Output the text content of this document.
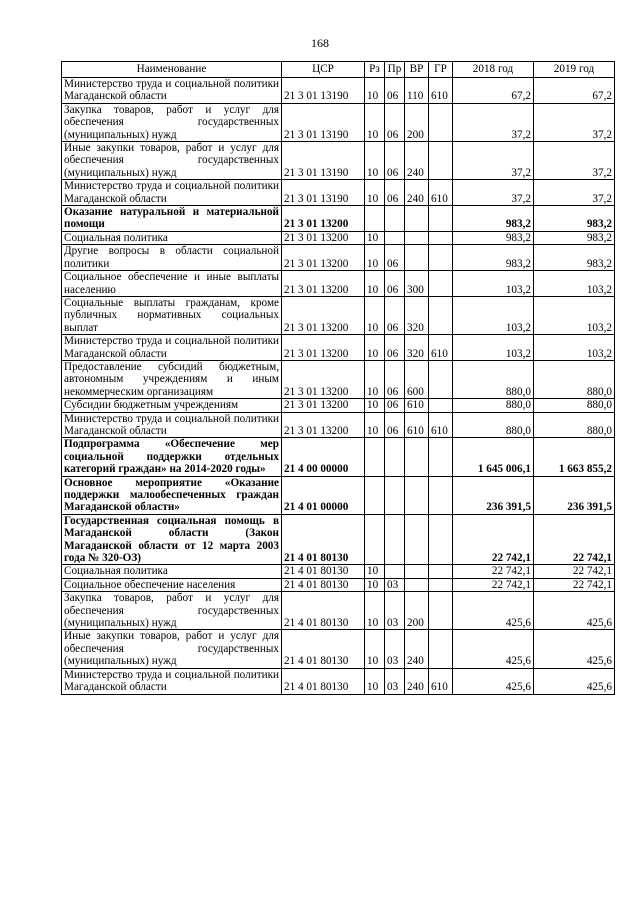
168
Наименование	ЦСР	Рз	Пр	ВР	ГР	2018 год	2019 год
Министерство труда и социальной политики Магаданской области	21 3 01 13190	10	06	110	610	67,2	67,2
Закупка товаров, работ и услуг для обеспечения государственных (муниципальных) нужд	21 3 01 13190	10	06	200		37,2	37,2
Иные закупки товаров, работ и услуг для обеспечения государственных (муниципальных) нужд	21 3 01 13190	10	06	240		37,2	37,2
Министерство труда и социальной политики Магаданской области	21 3 01 13190	10	06	240	610	37,2	37,2
Оказание натуральной и материальной помощи	21 3 01 13200					983,2	983,2
Социальная политика	21 3 01 13200	10				983,2	983,2
Другие вопросы в области социальной политики	21 3 01 13200	10	06			983,2	983,2
Социальное обеспечение и иные выплаты населению	21 3 01 13200	10	06	300		103,2	103,2
Социальные выплаты гражданам, кроме публичных нормативных социальных выплат	21 3 01 13200	10	06	320		103,2	103,2
Министерство труда и социальной политики Магаданской области	21 3 01 13200	10	06	320	610	103,2	103,2
Предоставление субсидий бюджетным, автономным учреждениям и иным некоммерческим организациям	21 3 01 13200	10	06	600		880,0	880,0
Субсидии бюджетным учреждениям	21 3 01 13200	10	06	610		880,0	880,0
Министерство труда и социальной политики Магаданской области	21 3 01 13200	10	06	610	610	880,0	880,0
Подпрограмма «Обеспечение мер социальной поддержки отдельных категорий граждан» на 2014-2020 годы»	21 4 00 00000					1 645 006,1	1 663 855,2
Основное мероприятие «Оказание поддержки малообеспеченных граждан Магаданской области»	21 4 01 00000					236 391,5	236 391,5
Государственная социальная помощь в Магаданской области (Закон Магаданской области от 12 марта 2003 года № 320-ОЗ)	21 4 01 80130					22 742,1	22 742,1
Социальная политика	21 4 01 80130	10				22 742,1	22 742,1
Социальное обеспечение населения	21 4 01 80130	10	03			22 742,1	22 742,1
Закупка товаров, работ и услуг для обеспечения государственных (муниципальных) нужд	21 4 01 80130	10	03	200		425,6	425,6
Иные закупки товаров, работ и услуг для обеспечения государственных (муниципальных) нужд	21 4 01 80130	10	03	240		425,6	425,6
Министерство труда и социальной политики Магаданской области	21 4 01 80130	10	03	240	610	425,6	425,6
